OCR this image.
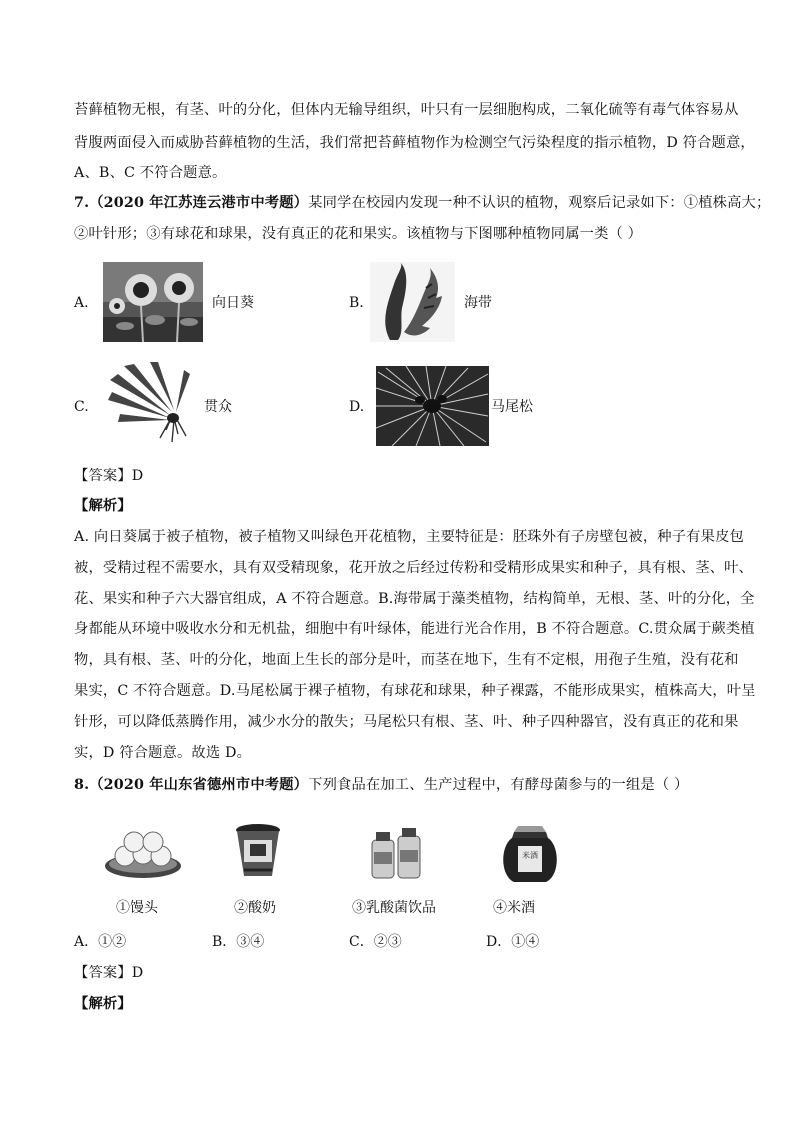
苔藓植物无根，有茎、叶的分化，但体内无输导组织，叶只有一层细胞构成，二氧化硫等有毒气体容易从
背腹两面侵入而威胁苔藓植物的生活，我们常把苔藓植物作为检测空气污染程度的指示植物，D 符合题意，
A、B、C 不符合题意。
7.（2020 年江苏连云港市中考题）某同学在校园内发现一种不认识的植物，观察后记录如下：①植株高大；
②叶针形；③有球花和球果，没有真正的花和果实。该植物与下图哪种植物同属一类（ ）
A.	向日葵	B.	海带
C.	贯众	D.	马尾松
【答案】D
【解析】
A. 向日葵属于被子植物，被子植物又叫绿色开花植物，主要特征是：胚珠外有子房壁包被，种子有果皮包
被，受精过程不需要水，具有双受精现象，花开放之后经过传粉和受精形成果实和种子，具有根、茎、叶、
花、果实和种子六大器官组成，A 不符合题意。B.海带属于藻类植物，结构简单，无根、茎、叶的分化，全
身都能从环境中吸收水分和无机盐，细胞中有叶绿体，能进行光合作用，B 不符合题意。C.贯众属于蕨类植
物，具有根、茎、叶的分化，地面上生长的部分是叶，而茎在地下，生有不定根，用孢子生殖，没有花和
果实，C 不符合题意。D.马尾松属于裸子植物，有球花和球果，种子裸露，不能形成果实，植株高大，叶呈
针形，可以降低蒸腾作用，减少水分的散失；马尾松只有根、茎、叶、种子四种器官，没有真正的花和果
实，D 符合题意。故选 D。
8.（2020 年山东省德州市中考题）下列食品在加工、生产过程中，有酵母菌参与的一组是（ ）
米酒
①馒头	②酸奶	③乳酸菌饮品	④米酒
A．①②	B．③④	C．②③	D．①④
【答案】D
【解析】
